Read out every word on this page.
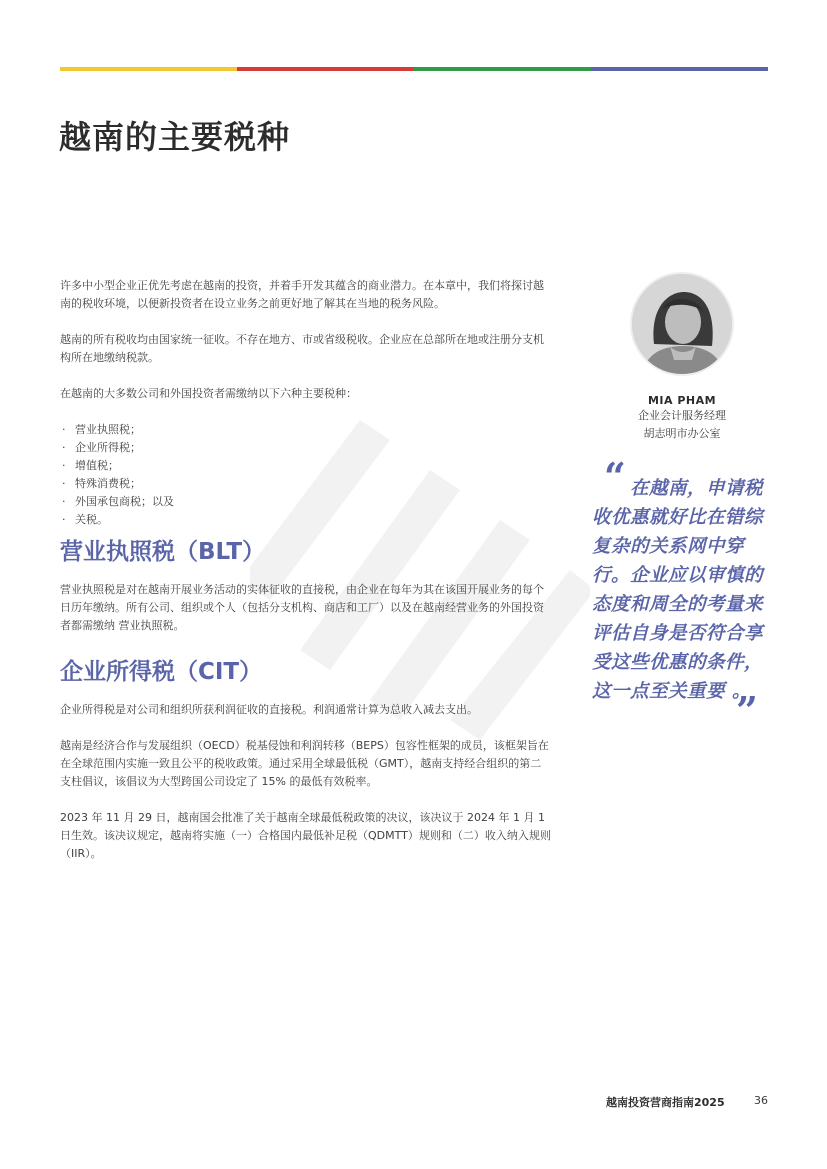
越南的主要税种

许多中小型企业正优先考虑在越南的投资，并着手开发其蕴含的商业潜力。在本章中，我们将探讨越南的税收环境，以便新投资者在设立业务之前更好地了解其在当地的税务风险。

越南的所有税收均由国家统一征收。不存在地方、市或省级税收。企业应在总部所在地或注册分支机构所在地缴纳税款。

在越南的大多数公司和外国投资者需缴纳以下六种主要税种：

· 营业执照税；
· 企业所得税；
· 增值税；
· 特殊消费税；
· 外国承包商税；以及
· 关税。
营业执照税（BLT）

营业执照税是对在越南开展业务活动的实体征收的直接税，由企业在每年为其在该国开展业务的每个日历年缴纳。所有公司、组织或个人（包括分支机构、商店和工厂）以及在越南经营业务的外国投资者都需缴纳 营业执照税。

企业所得税（CIT）

企业所得税是对公司和组织所获利润征收的直接税。利润通常计算为总收入减去支出。

越南是经济合作与发展组织（OECD）税基侵蚀和利润转移（BEPS）包容性框架的成员，该框架旨在在全球范围内实施一致且公平的税收政策。通过采用全球最低税（GMT），越南支持经合组织的第二支柱倡议，该倡议为大型跨国公司设定了 15% 的最低有效税率。

2023 年 11 月 29 日，越南国会批准了关于越南全球最低税政策的决议，该决议于 2024 年 1 月 1 日生效。该决议规定，越南将实施（一）合格国内最低补足税（QDMTT）规则和（二）收入纳入规则（IIR）。

MIA PHAM
企业会计服务经理
胡志明市办公室
“ 在越南，申请税收优惠就好比在错综复杂的关系网中穿行。企业应以审慎的态度和周全的考量来评估自身是否符合享受这些优惠的条件，这一点至关重要 。

”
越南投资营商指南2025	36
